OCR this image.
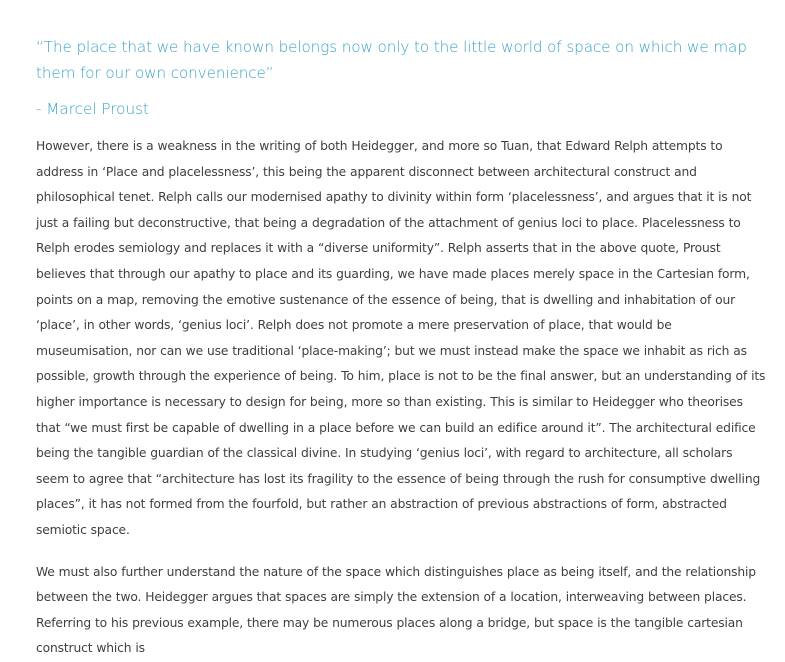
“The place that we have known belongs now only to the little world of space on which we map them for our own convenience”

- Marcel Proust

However, there is a weakness in the writing of both Heidegger, and more so Tuan, that Edward Relph attempts to address in ‘Place and placelessness’, this being the apparent disconnect between architectural construct and philosophical tenet. Relph calls our modernised apathy to divinity within form ‘placelessness’, and argues that it is not just a failing but deconstructive, that being a degradation of the attachment of genius loci to place. Placelessness to Relph erodes semiology and replaces it with a “diverse uniformity”. Relph asserts that in the above quote, Proust believes that through our apathy to place and its guarding, we have made places merely space in the Cartesian form, points on a map, removing the emotive sustenance of the essence of being, that is dwelling and inhabitation of our ‘place’, in other words, ‘genius loci’. Relph does not promote a mere preservation of place, that would be museumisation, nor can we use traditional ‘place-making’; but we must instead make the space we inhabit as rich as possible, growth through the experience of being. To him, place is not to be the final answer, but an understanding of its higher importance is necessary to design for being, more so than existing. This is similar to Heidegger who theorises that “we must first be capable of dwelling in a place before we can build an edifice around it”. The architectural edifice being the tangible guardian of the classical divine. In studying ‘genius loci’, with regard to architecture, all scholars seem to agree that “architecture has lost its fragility to the essence of being through the rush for consumptive dwelling places”, it has not formed from the fourfold, but rather an abstraction of previous abstractions of form, abstracted semiotic space.

We must also further understand the nature of the space which distinguishes place as being itself, and the relationship between the two. Heidegger argues that spaces are simply the extension of a location, interweaving between places. Referring to his previous example, there may be numerous places along a bridge, but space is the tangible cartesian construct which is
